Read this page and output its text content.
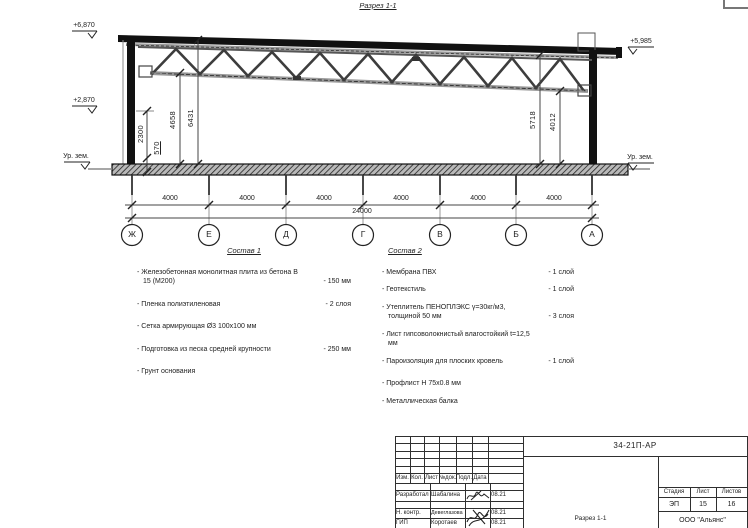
Разрез 1-1
+6,870
+2,870
+5,985
Ур. зем.	Ур. зем.
2300
570
4658 6431	5718 4012
4000	4000	4000	4000	4000	4000
24000
Ж	Е	Д	Г	В	Б	А
Состав 1
- Железобетонная монолитная плита из бетона В 15 (М200)	- 150 мм
- Пленка полиэтиленовая	- 2 слоя
- Сетка армирующая Ø3 100х100 мм
- Подготовка из песка средней крупности	- 250 мм
- Грунт основания
Состав 2
- Мембрана ПВХ	- 1 слой
- Геотекстиль	- 1 слой
- Утеплитель ПЕНОПЛЭКС γ=30кг/м3, толщиной 50 мм	- 3 слоя
- Лист гипсоволокнистый влагостойкий t=12,5 мм
- Пароизоляция для плоских кровель	- 1 слой
- Профлист Н 75х0.8 мм
- Металлическая балка
Изм. Кол. Лист №док. Подл. Дата
Разработал Шабалина	08.21
Н. контр.	Девеглазова	08.21
ГИП	Коротаев	08.21
34-21П-АР
Стадия	Лист	Листов
ЭП	15	16
Разрез 1-1	ООО "Альянс"
